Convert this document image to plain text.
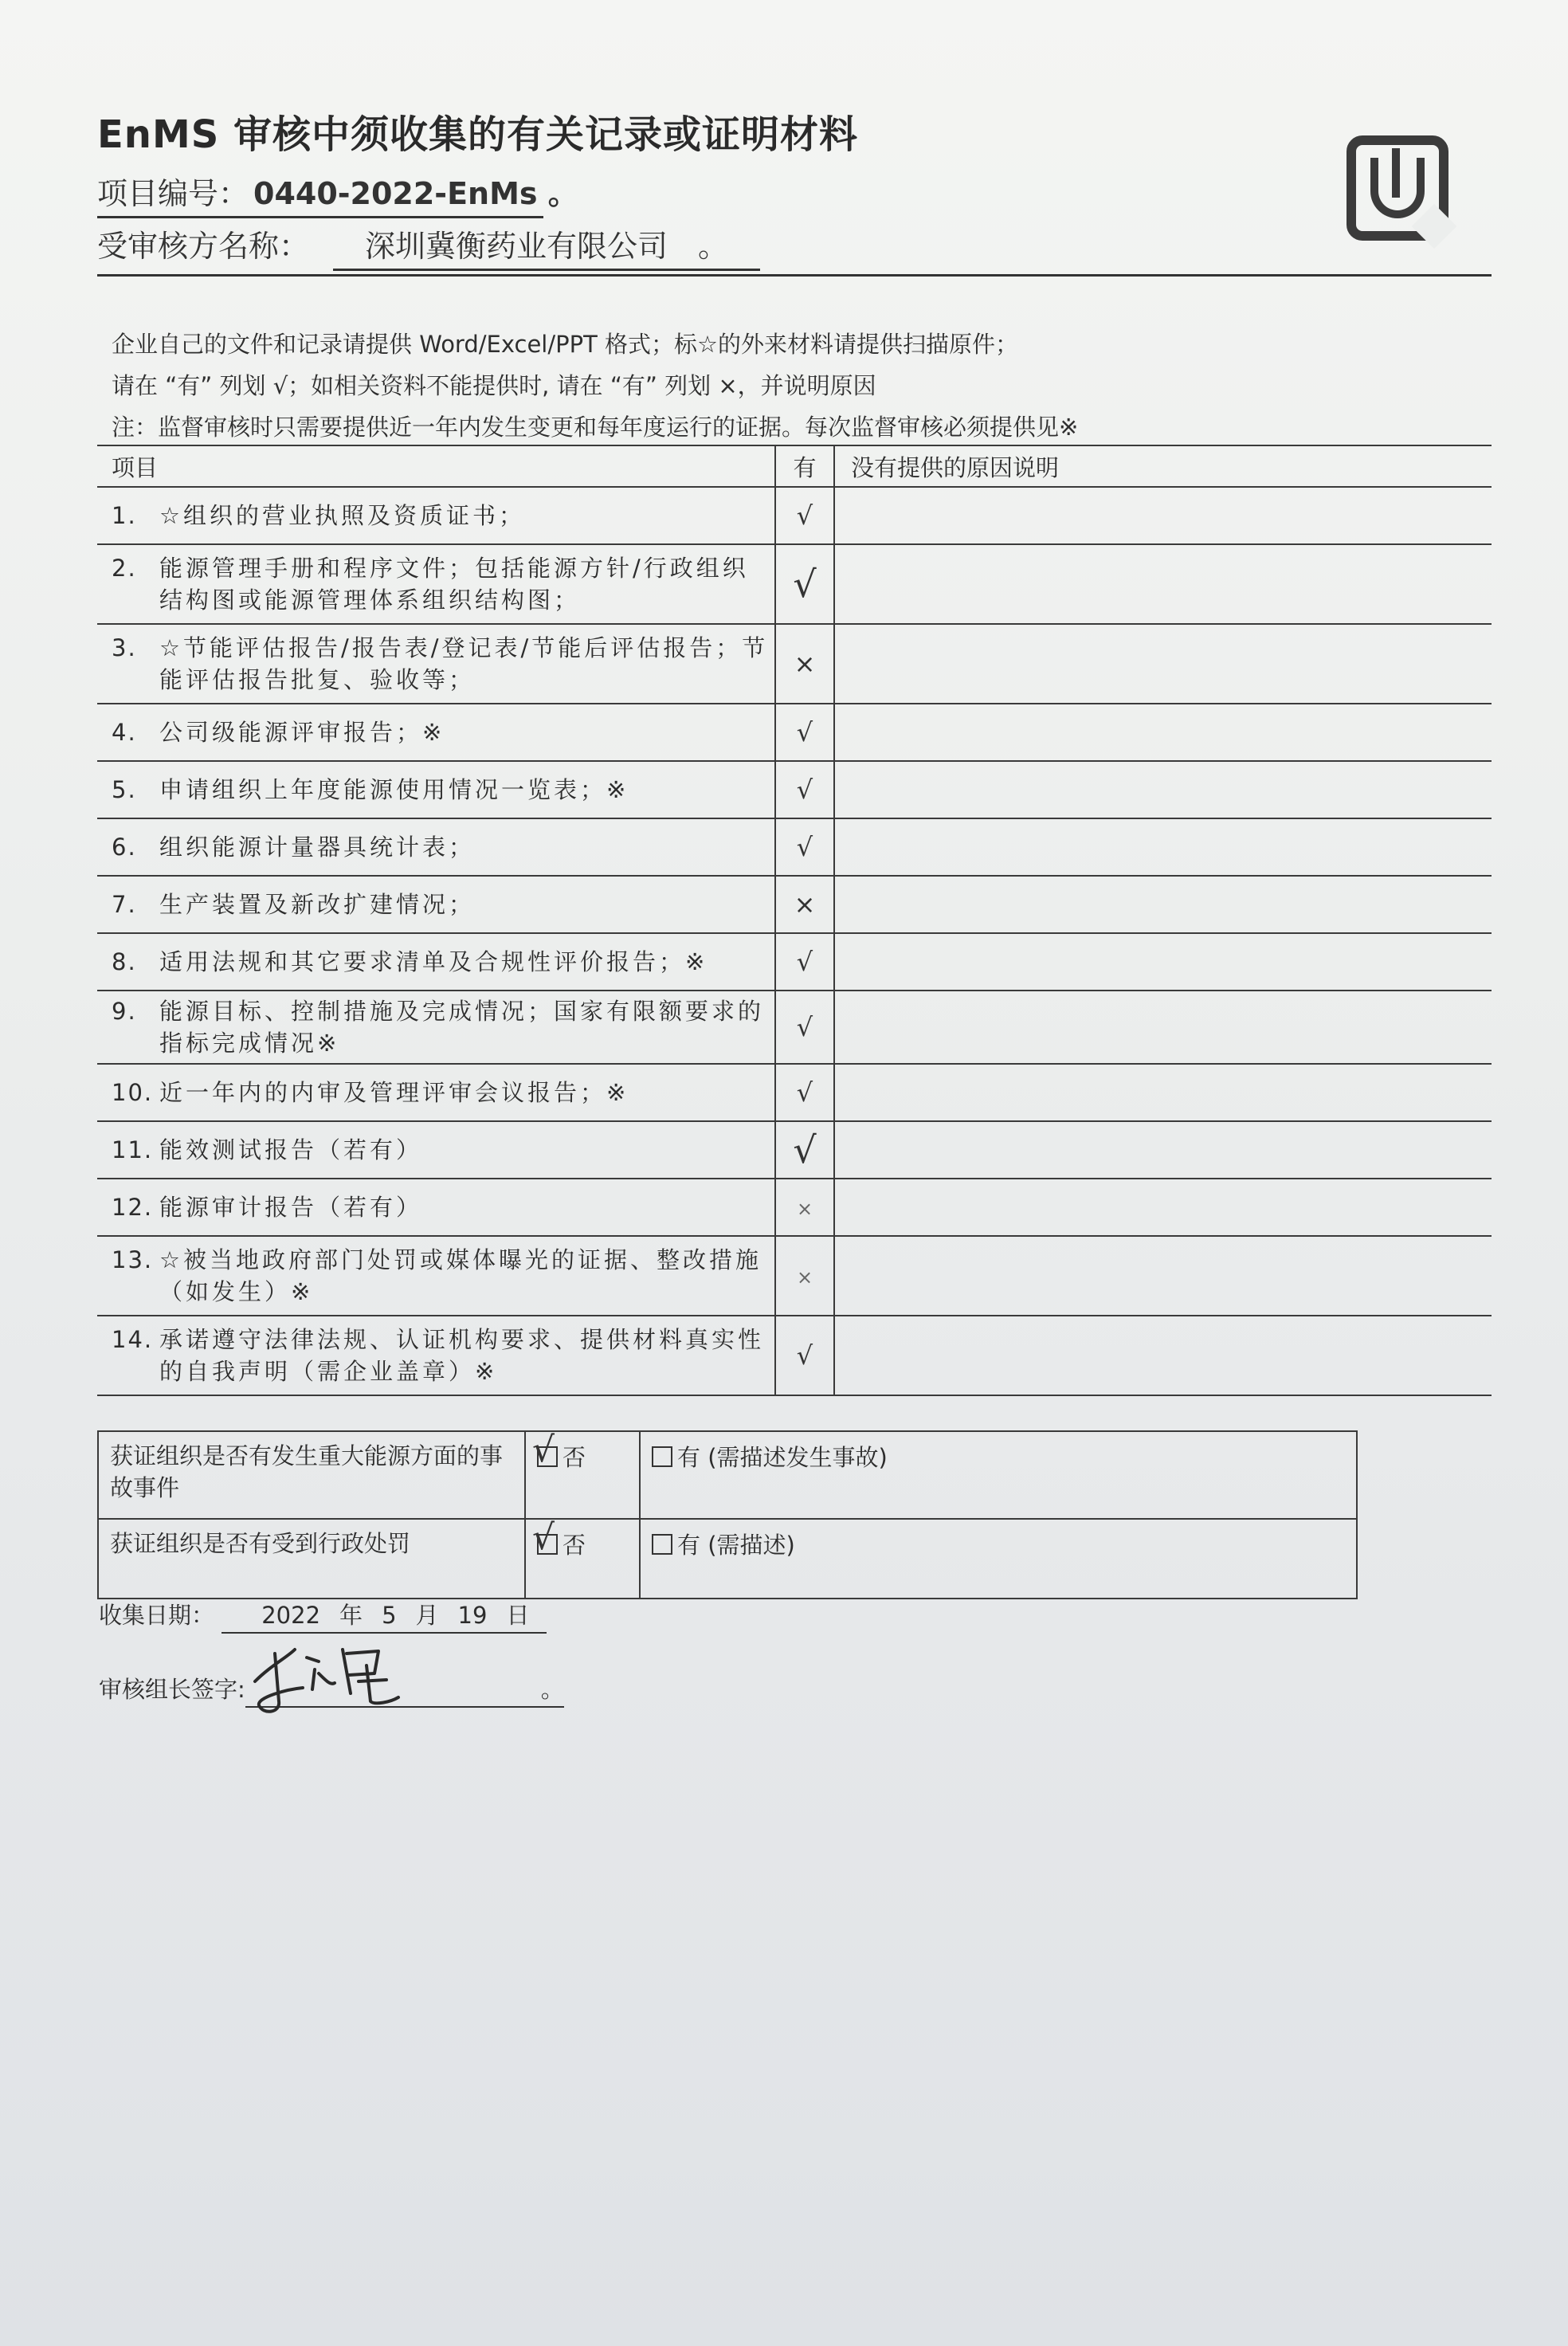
EnMS 审核中须收集的有关记录或证明材料
项目编号： 0440-2022-EnMs 。
受审核方名称： 深圳冀衡药业有限公司　。
企业自己的文件和记录请提供 Word/Excel/PPT 格式；标☆的外来材料请提供扫描原件；
请在 “有” 列划 √；如相关资料不能提供时, 请在 “有” 列划 ×，并说明原因
注：监督审核时只需要提供近一年内发生变更和每年度运行的证据。每次监督审核必须提供见※
项目	有	没有提供的原因说明

1. ☆组织的营业执照及资质证书；	√	

2. 能源管理手册和程序文件；包括能源方针/行政组织结构图或能源管理体系组织结构图；	√	

3. ☆节能评估报告/报告表/登记表/节能后评估报告；节能评估报告批复、验收等；	×	

4. 公司级能源评审报告；※	√	

5. 申请组织上年度能源使用情况一览表；※	√	

6. 组织能源计量器具统计表；	√	

7. 生产装置及新改扩建情况；	×	

8. 适用法规和其它要求清单及合规性评价报告；※	√	

9. 能源目标、控制措施及完成情况；国家有限额要求的指标完成情况※	√	

10. 近一年内的内审及管理评审会议报告；※	√	

11. 能效测试报告（若有）	√	

12. 能源审计报告（若有）	×	

13. ☆被当地政府部门处罚或媒体曝光的证据、整改措施（如发生）※	×	

14. 承诺遵守法律法规、认证机构要求、提供材料真实性的自我声明（需企业盖章）※	√	
获证组织是否有发生重大能源方面的事故事件	√ 否	有 (需描述发生事故)
获证组织是否有受到行政处罚	√ 否	有 (需描述)
收集日期： 2022 年 5 月 19 日
审核组长签字:	。
